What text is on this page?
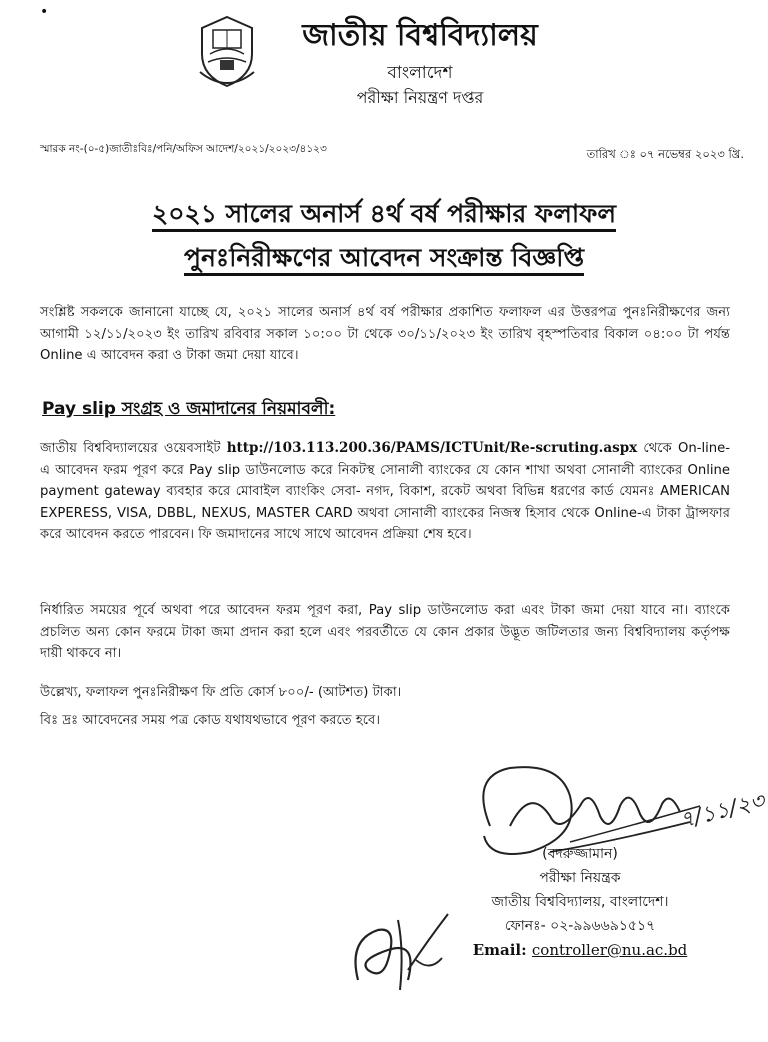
•
জাতীয় বিশ্ববিদ্যালয়
বাংলাদেশ
পরীক্ষা নিয়ন্ত্রণ দপ্তর
স্মারক নং-(০-৫)জাতীঃবিঃ/পনি/অফিস আদেশ/২০২১/২০২৩/৪১২৩	তারিখ ঃ ০৭ নভেম্বর ২০২৩ খ্রি.
২০২১ সালের অনার্স ৪র্থ বর্ষ পরীক্ষার ফলাফল
পুনঃনিরীক্ষণের আবেদন সংক্রান্ত বিজ্ঞপ্তি
সংশ্লিষ্ট সকলকে জানানো যাচ্ছে যে, ২০২১ সালের অনার্স ৪র্থ বর্ষ পরীক্ষার প্রকাশিত ফলাফল এর উত্তরপত্র পুনঃনিরীক্ষণের জন্য আগামী ১২/১১/২০২৩ ইং তারিখ রবিবার সকাল ১০:০০ টা থেকে ৩০/১১/২০২৩ ইং তারিখ বৃহস্পতিবার বিকাল ০৪:০০ টা পর্যন্ত Online এ আবেদন করা ও টাকা জমা দেয়া যাবে।
Pay slip সংগ্রহ ও জমাদানের নিয়মাবলী:
জাতীয় বিশ্ববিদ্যালয়ের ওয়েবসাইট http://103.113.200.36/PAMS/ICTUnit/Re-scruting.aspx থেকে On-line-এ আবেদন ফরম পূরণ করে Pay slip ডাউনলোড করে নিকটস্থ সোনালী ব্যাংকের যে কোন শাখা অথবা সোনালী ব্যাংকের Online payment gateway ব্যবহার করে মোবাইল ব্যাংকিং সেবা- নগদ, বিকাশ, রকেট অথবা বিভিন্ন ধরণের কার্ড যেমনঃ AMERICAN EXPERESS, VISA, DBBL, NEXUS, MASTER CARD অথবা সোনালী ব্যাংকের নিজস্ব হিসাব থেকে Online-এ টাকা ট্রান্সফার করে আবেদন করতে পারবেন। ফি জমাদানের সাথে সাথে আবেদন প্রক্রিয়া শেষ হবে।
নির্ধারিত সময়ের পূর্বে অথবা পরে আবেদন ফরম পূরণ করা, Pay slip ডাউনলোড করা এবং টাকা জমা দেয়া যাবে না। ব্যাংকে প্রচলিত অন্য কোন ফরমে টাকা জমা প্রদান করা হলে এবং পরবর্তীতে যে কোন প্রকার উদ্ভূত জটিলতার জন্য বিশ্ববিদ্যালয় কর্তৃপক্ষ দায়ী থাকবে না।
উল্লেখ্য, ফলাফল পুনঃনিরীক্ষণ ফি প্রতি কোর্স ৮০০/- (আটশত) টাকা।
বিঃ দ্রঃ আবেদনের সময় পত্র কোড যথাযথভাবে পূরণ করতে হবে।
৭/১১/২৩
(বদরুজ্জামান)
পরীক্ষা নিয়ন্ত্রক
জাতীয় বিশ্ববিদ্যালয়, বাংলাদেশ।
ফোনঃ- ০২-৯৯৬৬৯১৫১৭
Email: controller@nu.ac.bd
